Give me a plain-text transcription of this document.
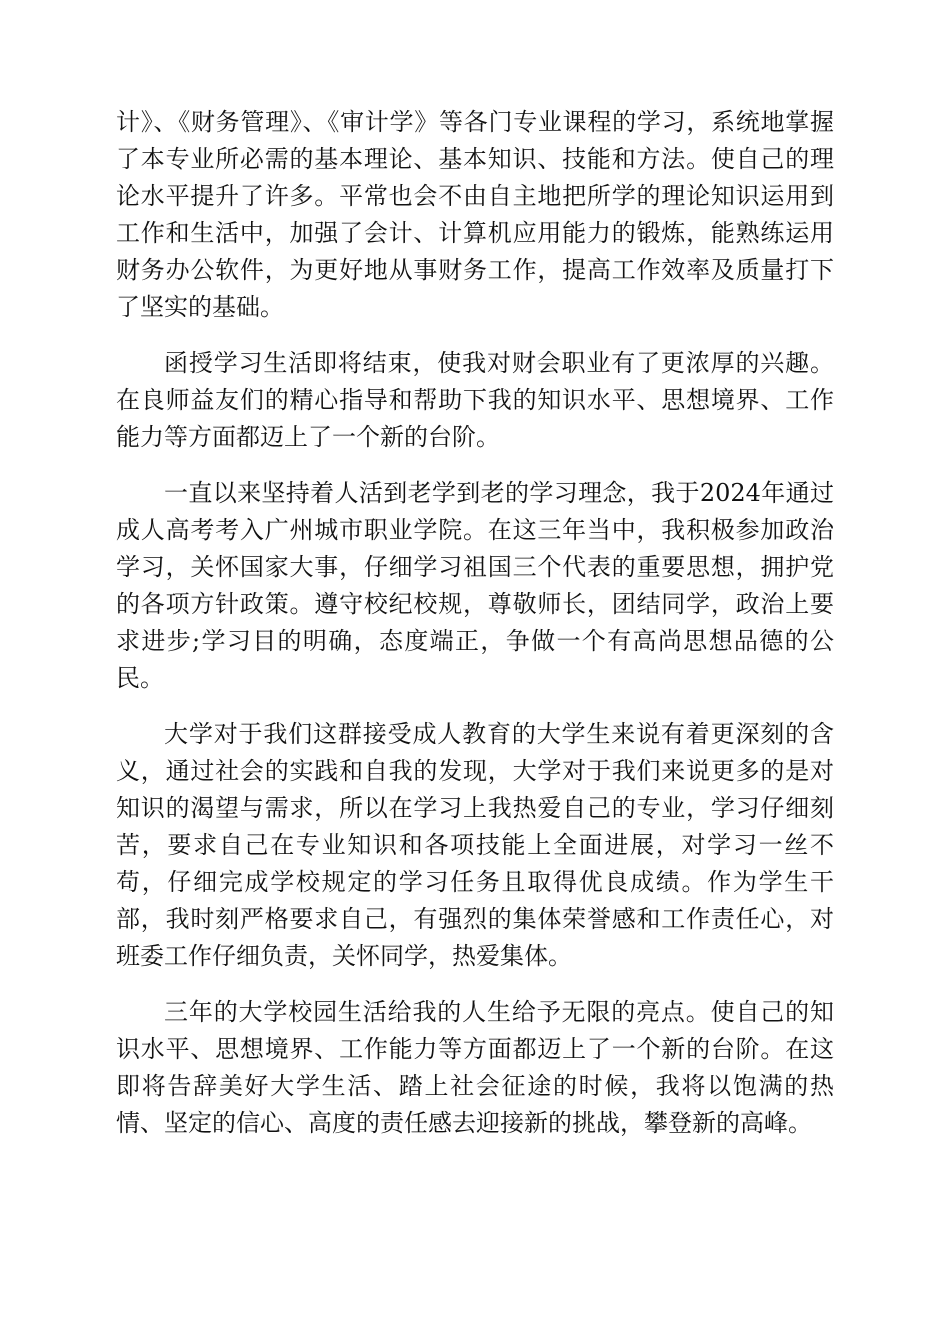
计》、《财务管理》、《审计学》等各门专业课程的学习，系统地掌握了本专业所必需的基本理论、基本知识、技能和方法。使自己的理论水平提升了许多。平常也会不由自主地把所学的理论知识运用到工作和生活中，加强了会计、计算机应用能力的锻炼，能熟练运用财务办公软件，为更好地从事财务工作，提高工作效率及质量打下了坚实的基础。

函授学习生活即将结束，使我对财会职业有了更浓厚的兴趣。在良师益友们的精心指导和帮助下我的知识水平、思想境界、工作能力等方面都迈上了一个新的台阶。

一直以来坚持着人活到老学到老的学习理念，我于2024年通过成人高考考入广州城市职业学院。在这三年当中，我积极参加政治学习，关怀国家大事，仔细学习祖国三个代表的重要思想，拥护党的各项方针政策。遵守校纪校规，尊敬师长，团结同学，政治上要求进步;学习目的明确，态度端正，争做一个有高尚思想品德的公民。

大学对于我们这群接受成人教育的大学生来说有着更深刻的含义，通过社会的实践和自我的发现，大学对于我们来说更多的是对知识的渴望与需求，所以在学习上我热爱自己的专业，学习仔细刻苦，要求自己在专业知识和各项技能上全面进展，对学习一丝不苟，仔细完成学校规定的学习任务且取得优良成绩。作为学生干部，我时刻严格要求自己，有强烈的集体荣誉感和工作责任心，对班委工作仔细负责，关怀同学，热爱集体。

三年的大学校园生活给我的人生给予无限的亮点。使自己的知识水平、思想境界、工作能力等方面都迈上了一个新的台阶。在这即将告辞美好大学生活、踏上社会征途的时候，我将以饱满的热情、坚定的信心、高度的责任感去迎接新的挑战，攀登新的高峰。
